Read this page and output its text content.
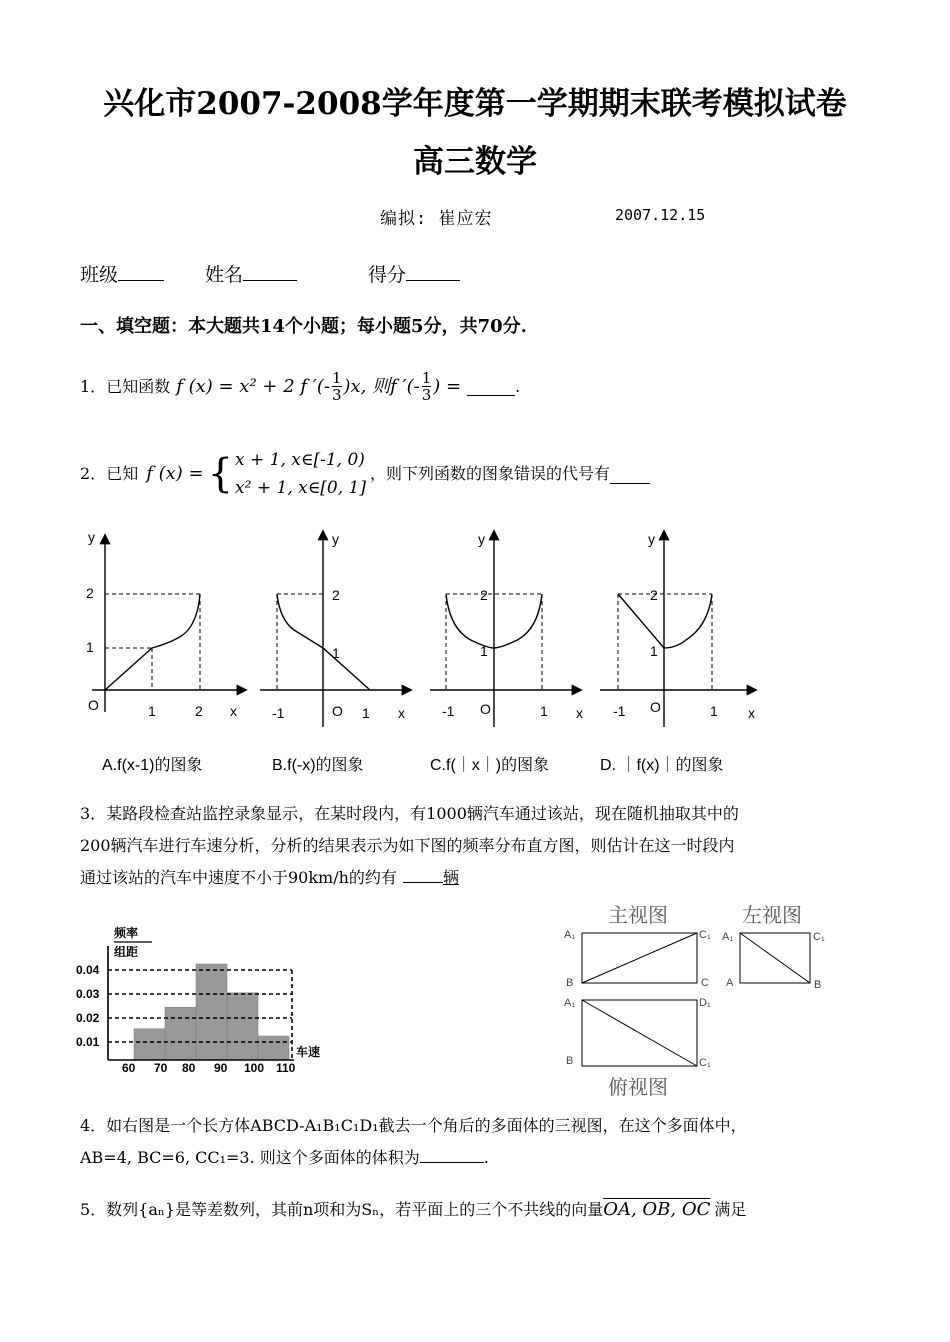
兴化市2007-2008学年度第一学期期末联考模拟试卷
高三数学
编拟: 崔应宏	2007.12.15
班级	姓名	得分
一、填空题：本大题共14个小题；每小题5分，共70分.
1． 已知函数 f (x) = x² + 2 f ′(- $\frac{1}{3} )x$, 则f ′(- $\frac{1}{3}$ ) =	.
2． 已知 f (x) = { x + 1, x∈[-1, 0)
x² + 1, x∈[0, 1]
，则下列函数的图象错误的代号有
y
2
1
O	1	2 x
y
2
1
-1	O 1 x
y
2
1
-1 O	1 x
y
2
1
-1 O	1 x
A.f(x-1)的图象	B.f(-x)的图象	C.f(｜x｜)的图象	D. ｜f(x)｜的图象
3．某路段检查站监控录象显示，在某时段内，有1000辆汽车通过该站，现在随机抽取其中的
200辆汽车进行车速分析，分析的结果表示为如下图的频率分布直方图，则估计在这一时段内
通过该站的汽车中速度不小于90km/h的约有	辆
频率
组距
车速
0.04
0.03
0.02
0.01
60 70 80 90 100 110
主视图	左视图
俯视图
A₁	C₁
B	C
A₁	C₁
A	B
A₁	D₁
B	C₁
4．如右图是一个长方体ABCD-A₁B₁C₁D₁截去一个角后的多面体的三视图，在这个多面体中，
AB=4, BC=6, CC₁=3. 则这个多面体的体积为	.
5．数列{aₙ}是等差数列，其前n项和为Sₙ，若平面上的三个不共线的向量OA, OB, OC 满足
